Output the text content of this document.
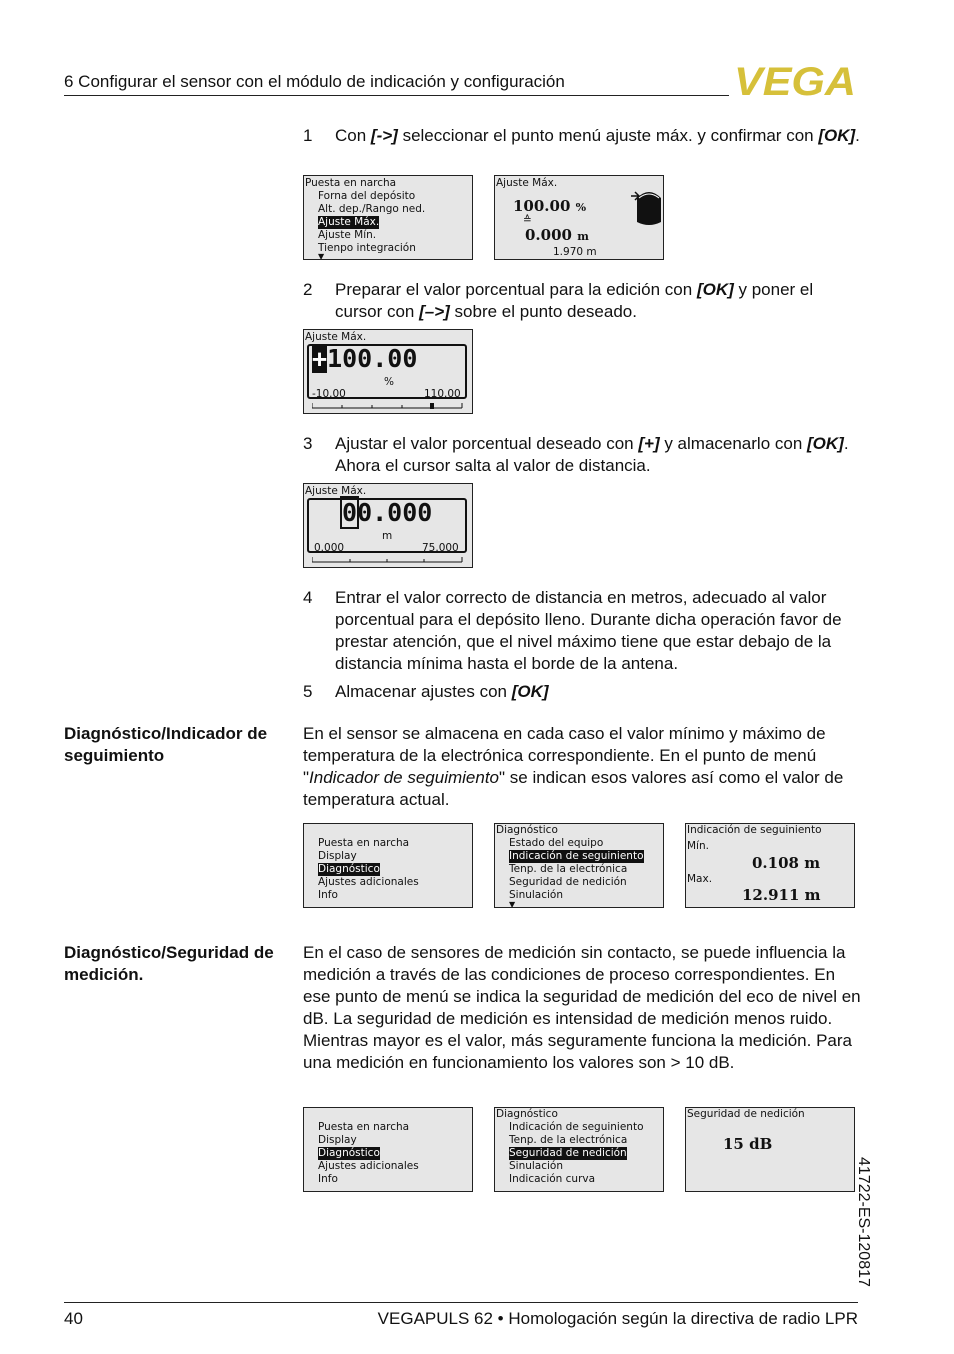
6 Configurar el sensor con el módulo de indicación y configuración	VEGA
1 Con [->] seleccionar el punto menú ajuste máx. y confirmar con [OK].
Puesta en narcha
Forna del depósito
Alt. dep./Rango ned.
Ajuste Máx.
Ajuste Mín.
Tienpo integración
▼
Ajuste Máx.
100.00 %
≙
0.000 m
1.970 m
2 Preparar el valor porcentual para la edición con [OK] y poner el cursor con [–>] sobre el punto deseado.
Ajuste Máx.
+100.00
%
-10.00	110.00
3 Ajustar el valor porcentual deseado con [+] y almacenarlo con [OK]. Ahora el cursor salta al valor de distancia.
Ajuste Máx.
00.000
m
0.000	75.000
4 Entrar el valor correcto de distancia en metros, adecuado al valor porcentual para el depósito lleno. Durante dicha operación favor de prestar atención, que el nivel máximo tiene que estar debajo de la distancia mínima hasta el borde de la antena.
5 Almacenar ajustes con [OK]
Diagnóstico/Indicador de seguimiento
En el sensor se almacena en cada caso el valor mínimo y máximo de temperatura de la electrónica correspondiente. En el punto de menú "Indicador de seguimiento" se indican esos valores así como el valor de temperatura actual.
Puesta en narcha
Display
Diagnóstico
Ajustes adicionales
Info
Diagnóstico
Estado del equipo
Indicación de seguiniento
Tenp. de la electrónica
Seguridad de nedición
Sinulación
▼
Indicación de seguiniento
Mín.
0.108 m
Max.
12.911 m
Diagnóstico/Seguridad de medición.
En el caso de sensores de medición sin contacto, se puede influencia la medición a través de las condiciones de proceso correspondientes. En ese punto de menú se indica la seguridad de medición del eco de nivel en dB. La seguridad de medición es intensidad de medición menos ruido. Mientras mayor es el valor, más seguramente funciona la medición. Para una medición en funcionamiento los valores son > 10 dB.
Puesta en narcha
Display
Diagnóstico
Ajustes adicionales
Info
Diagnóstico
Indicación de seguiniento
Tenp. de la electrónica
Seguridad de nedición
Sinulación
Indicación curva
Seguridad de nedición
15 dB
41722-ES-120817
40	VEGAPULS 62 • Homologación según la directiva de radio LPR
